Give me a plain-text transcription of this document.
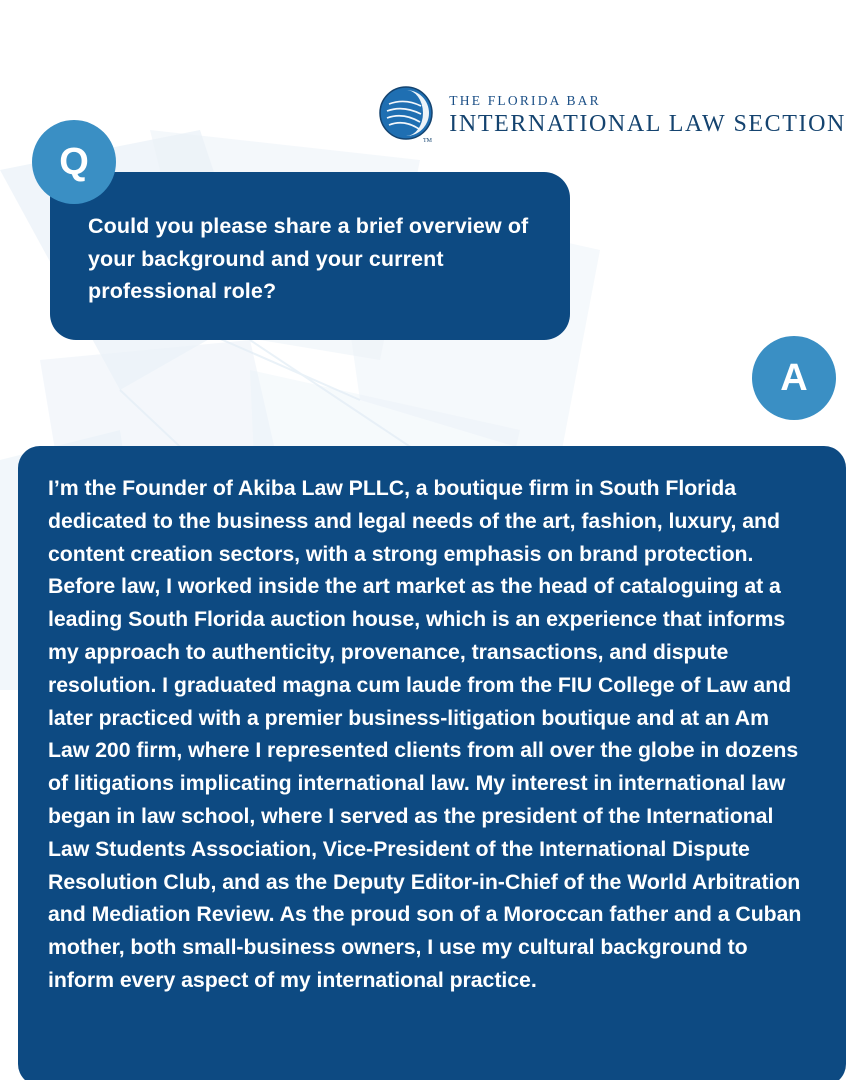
TM
THE FLORIDA BAR
INTERNATIONAL LAW SECTION
Q
Could you please share a brief overview of your background and your current professional role?
A
I’m the Founder of Akiba Law PLLC, a boutique firm in South Florida dedicated to the business and legal needs of the art, fashion, luxury, and content creation sectors, with a strong emphasis on brand protection. Before law, I worked inside the art market as the head of cataloguing at a leading South Florida auction house, which is an experience that informs my approach to authenticity, provenance, transactions, and dispute resolution. I graduated magna cum laude from the FIU College of Law and later practiced with a premier business-litigation boutique and at an Am Law 200 firm, where I represented clients from all over the globe in dozens of litigations implicating international law. My interest in international law began in law school, where I served as the president of the International Law Students Association, Vice-President of the International Dispute Resolution Club, and as the Deputy Editor-in-Chief of the World Arbitration and Mediation Review. As the proud son of a Moroccan father and a Cuban mother, both small-business owners, I use my cultural background to inform every aspect of my international practice.
